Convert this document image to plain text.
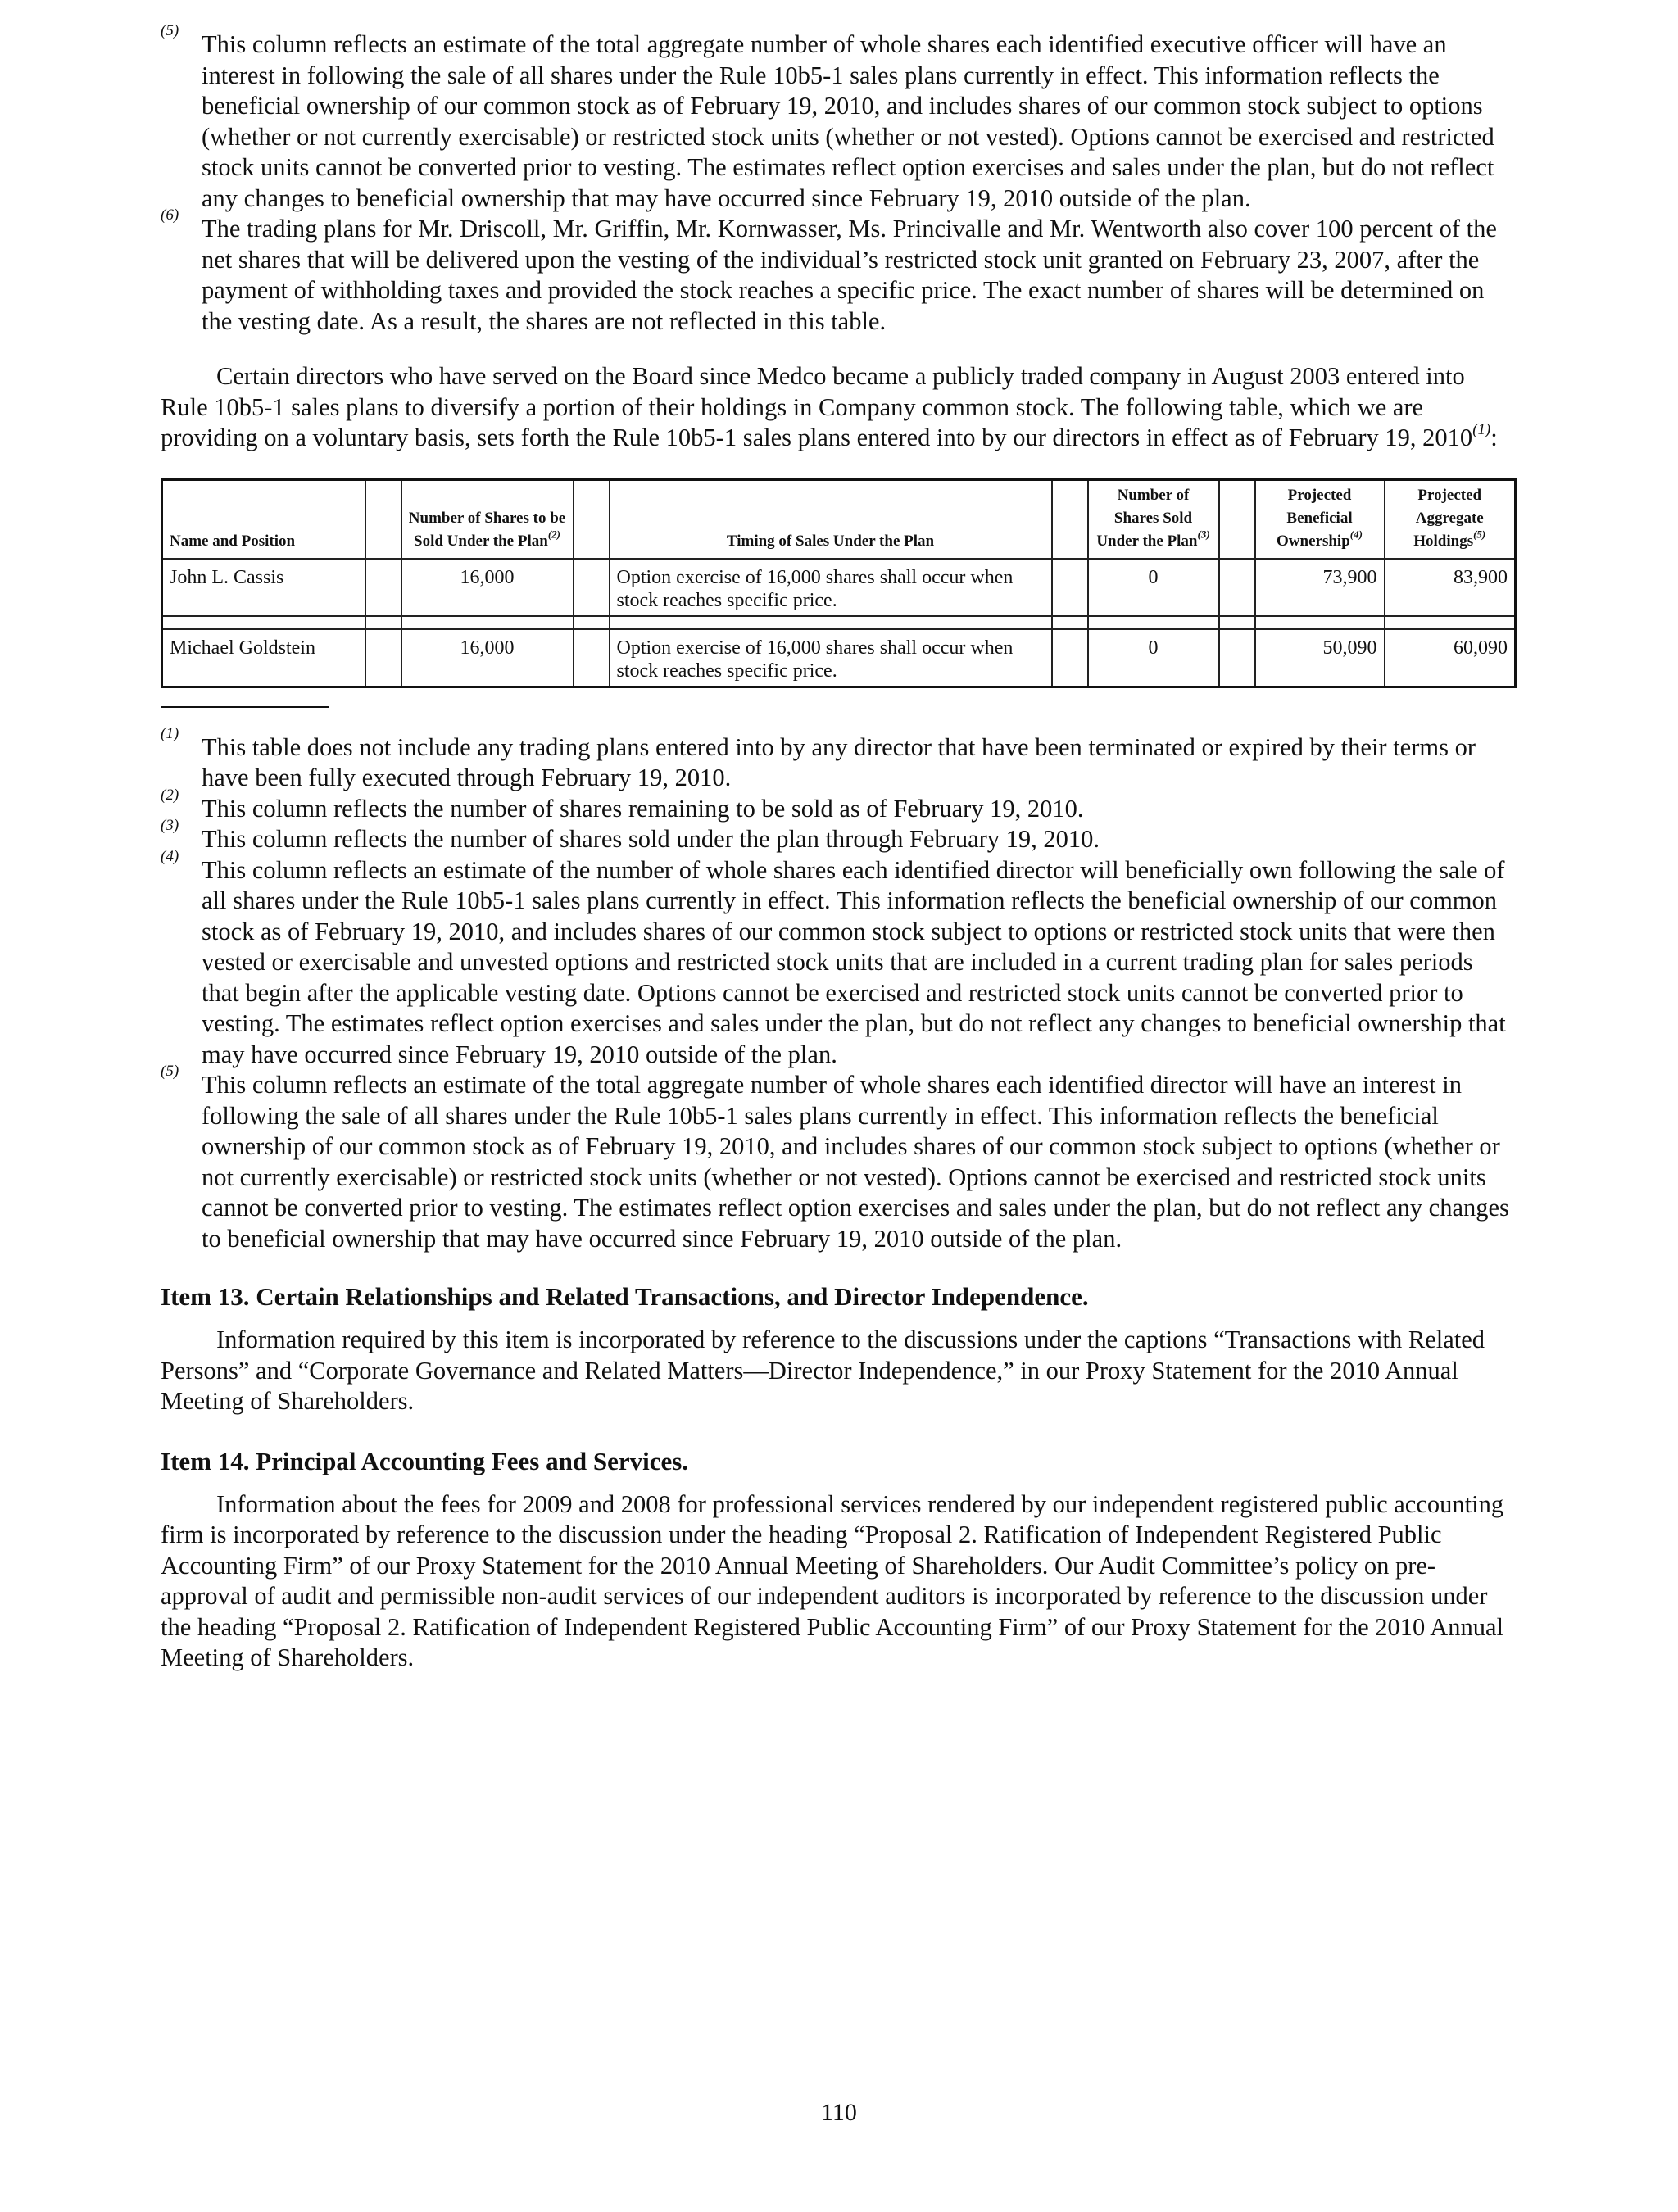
(5) This column reflects an estimate of the total aggregate number of whole shares each identified executive officer will have an interest in following the sale of all shares under the Rule 10b5-1 sales plans currently in effect. This information reflects the beneficial ownership of our common stock as of February 19, 2010, and includes shares of our common stock subject to options (whether or not currently exercisable) or restricted stock units (whether or not vested). Options cannot be exercised and restricted stock units cannot be converted prior to vesting. The estimates reflect option exercises and sales under the plan, but do not reflect any changes to beneficial ownership that may have occurred since February 19, 2010 outside of the plan.

(6) The trading plans for Mr. Driscoll, Mr. Griffin, Mr. Kornwasser, Ms. Princivalle and Mr. Wentworth also cover 100 percent of the net shares that will be delivered upon the vesting of the individual’s restricted stock unit granted on February 23, 2007, after the payment of withholding taxes and provided the stock reaches a specific price. The exact number of shares will be determined on the vesting date. As a result, the shares are not reflected in this table.

Certain directors who have served on the Board since Medco became a publicly traded company in August 2003 entered into Rule 10b5-1 sales plans to diversify a portion of their holdings in Company common stock. The following table, which we are providing on a voluntary basis, sets forth the Rule 10b5-1 sales plans entered into by our directors in effect as of February 19, 2010$^{(1)}$:

Name and Position		Number of Shares to be Sold Under the Plan$^{(2)}$		Timing of Sales Under the Plan		Number of Shares Sold Under the Plan$^{(3)}$		Projected Beneficial Ownership$^{(4)}$	Projected Aggregate Holdings$^{(5)}$
John L. Cassis		16,000		Option exercise of 16,000 shares shall occur when stock reaches specific price.		0		73,900	83,900

Michael Goldstein		16,000		Option exercise of 16,000 shares shall occur when stock reaches specific price.		0		50,090	60,090

(1) This table does not include any trading plans entered into by any director that have been terminated or expired by their terms or have been fully executed through February 19, 2010.

(2) This column reflects the number of shares remaining to be sold as of February 19, 2010.

(3) This column reflects the number of shares sold under the plan through February 19, 2010.

(4) This column reflects an estimate of the number of whole shares each identified director will beneficially own following the sale of all shares under the Rule 10b5-1 sales plans currently in effect. This information reflects the beneficial ownership of our common stock as of February 19, 2010, and includes shares of our common stock subject to options or restricted stock units that were then vested or exercisable and unvested options and restricted stock units that are included in a current trading plan for sales periods that begin after the applicable vesting date. Options cannot be exercised and restricted stock units cannot be converted prior to vesting. The estimates reflect option exercises and sales under the plan, but do not reflect any changes to beneficial ownership that may have occurred since February 19, 2010 outside of the plan.

(5) This column reflects an estimate of the total aggregate number of whole shares each identified director will have an interest in following the sale of all shares under the Rule 10b5-1 sales plans currently in effect. This information reflects the beneficial ownership of our common stock as of February 19, 2010, and includes shares of our common stock subject to options (whether or not currently exercisable) or restricted stock units (whether or not vested). Options cannot be exercised and restricted stock units cannot be converted prior to vesting. The estimates reflect option exercises and sales under the plan, but do not reflect any changes to beneficial ownership that may have occurred since February 19, 2010 outside of the plan.

Item 13. Certain Relationships and Related Transactions, and Director Independence.

Information required by this item is incorporated by reference to the discussions under the captions “Transactions with Related Persons” and “Corporate Governance and Related Matters—Director Independence,” in our Proxy Statement for the 2010 Annual Meeting of Shareholders.

Item 14. Principal Accounting Fees and Services.

Information about the fees for 2009 and 2008 for professional services rendered by our independent registered public accounting firm is incorporated by reference to the discussion under the heading “Proposal 2. Ratification of Independent Registered Public Accounting Firm” of our Proxy Statement for the 2010 Annual Meeting of Shareholders. Our Audit Committee’s policy on pre-approval of audit and permissible non-audit services of our independent auditors is incorporated by reference to the discussion under the heading “Proposal 2. Ratification of Independent Registered Public Accounting Firm” of our Proxy Statement for the 2010 Annual Meeting of Shareholders.

110
